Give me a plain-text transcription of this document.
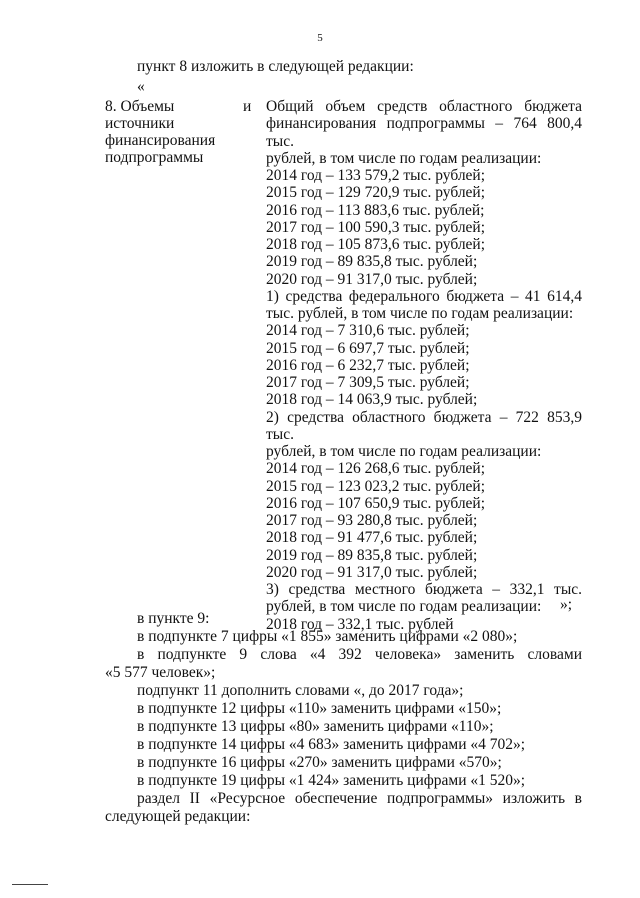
5
пункт 8 изложить в следующей редакции:
«
8. Объемы источники финансирования подпрограммы
и Общий объем средств областного бюджета
финансирования подпрограммы – 764 800,4 тыс.
рублей, в том числе по годам реализации:
2014 год – 133 579,2 тыс. рублей;
2015 год – 129 720,9 тыс. рублей;
2016 год – 113 883,6 тыс. рублей;
2017 год – 100 590,3 тыс. рублей;
2018 год – 105 873,6 тыс. рублей;
2019 год – 89 835,8 тыс. рублей;
2020 год – 91 317,0 тыс. рублей;
1) средства федерального бюджета – 41 614,4
тыс. рублей, в том числе по годам реализации:
2014 год – 7 310,6 тыс. рублей;
2015 год – 6 697,7 тыс. рублей;
2016 год – 6 232,7 тыс. рублей;
2017 год – 7 309,5 тыс. рублей;
2018 год – 14 063,9 тыс. рублей;
2) средства областного бюджета – 722 853,9 тыс.
рублей, в том числе по годам реализации:
2014 год – 126 268,6 тыс. рублей;
2015 год – 123 023,2 тыс. рублей;
2016 год – 107 650,9 тыс. рублей;
2017 год – 93 280,8 тыс. рублей;
2018 год – 91 477,6 тыс. рублей;
2019 год – 89 835,8 тыс. рублей;
2020 год – 91 317,0 тыс. рублей;
3) средства местного бюджета – 332,1 тыс.
рублей, в том числе по годам реализации:
2018 год – 332,1 тыс. рублей
»;
в пункте 9:
в подпункте 7 цифры «1 855» заменить цифрами «2 080»;
в подпункте 9 слова «4 392 человека» заменить словами
«5 577 человек»;
подпункт 11 дополнить словами «, до 2017 года»;
в подпункте 12 цифры «110» заменить цифрами «150»;
в подпункте 13 цифры «80» заменить цифрами «110»;
в подпункте 14 цифры «4 683» заменить цифрами «4 702»;
в подпункте 16 цифры «270» заменить цифрами «570»;
в подпункте 19 цифры «1 424» заменить цифрами «1 520»;
раздел II «Ресурсное обеспечение подпрограммы» изложить в
следующей редакции:
